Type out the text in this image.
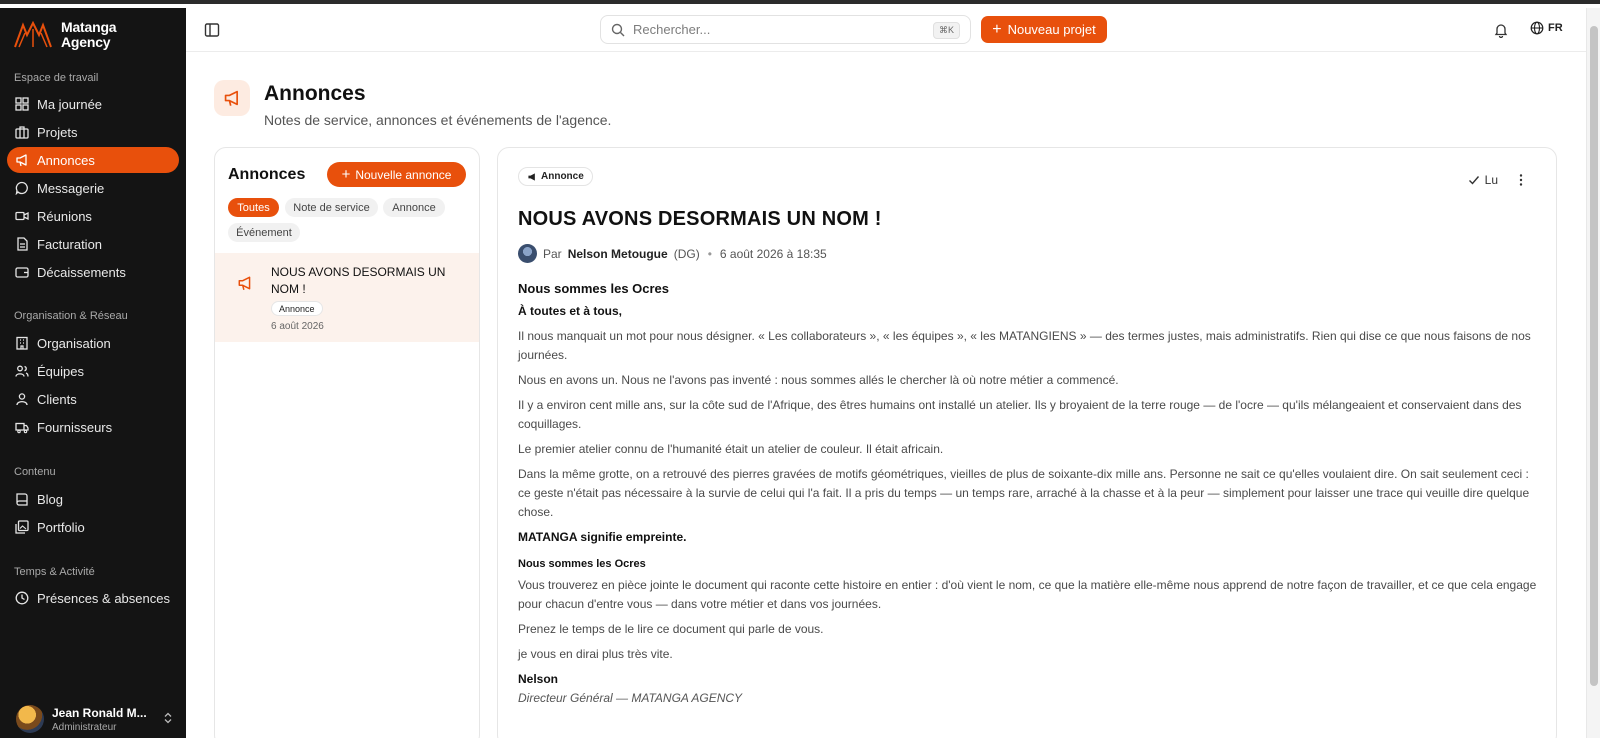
Matanga
Agency
Espace de travail
Ma journée
Projets
Annonces
Messagerie
Réunions
Facturation
Décaissements
Organisation & Réseau
Organisation
Équipes
Clients
Fournisseurs
Contenu
Blog
Portfolio
Temps & Activité
Présences & absences
Jean Ronald M...
Administrateur
Rechercher...
⌘K	+ Nouveau projet	FR
Annonces
Notes de service, annonces et événements de l'agence.
Annonces + Nouvelle annonce
Toutes	Note de service	Annonce
Événement
NOUS AVONS DESORMAIS UN NOM !
Annonce
6 août 2026
Annonce	Lu
NOUS AVONS DESORMAIS UN NOM !
Par Nelson Metougue (DG) • 6 août 2026 à 18:35
Nous sommes les Ocres
À toutes et à tous,

Il nous manquait un mot pour nous désigner. « Les collaborateurs », « les équipes », « les MATANGIENS » — des termes justes, mais administratifs. Rien qui dise ce que nous faisons de nos journées.

Nous en avons un. Nous ne l'avons pas inventé : nous sommes allés le chercher là où notre métier a commencé.

Il y a environ cent mille ans, sur la côte sud de l'Afrique, des êtres humains ont installé un atelier. Ils y broyaient de la terre rouge — de l'ocre — qu'ils mélangeaient et conservaient dans des coquillages.

Le premier atelier connu de l'humanité était un atelier de couleur. Il était africain.

Dans la même grotte, on a retrouvé des pierres gravées de motifs géométriques, vieilles de plus de soixante-dix mille ans. Personne ne sait ce qu'elles voulaient dire. On sait seulement ceci : ce geste n'était pas nécessaire à la survie de celui qui l'a fait. Il a pris du temps — un temps rare, arraché à la chasse et à la peur — simplement pour laisser une trace qui veuille dire quelque chose.

MATANGA signifie empreinte.

Nous sommes les Ocres

Vous trouverez en pièce jointe le document qui raconte cette histoire en entier : d'où vient le nom, ce que la matière elle-même nous apprend de notre façon de travailler, et ce que cela engage pour chacun d'entre vous — dans votre métier et dans vos journées.

Prenez le temps de le lire ce document qui parle de vous.

je vous en dirai plus très vite.

Nelson

Directeur Général — MATANGA AGENCY
